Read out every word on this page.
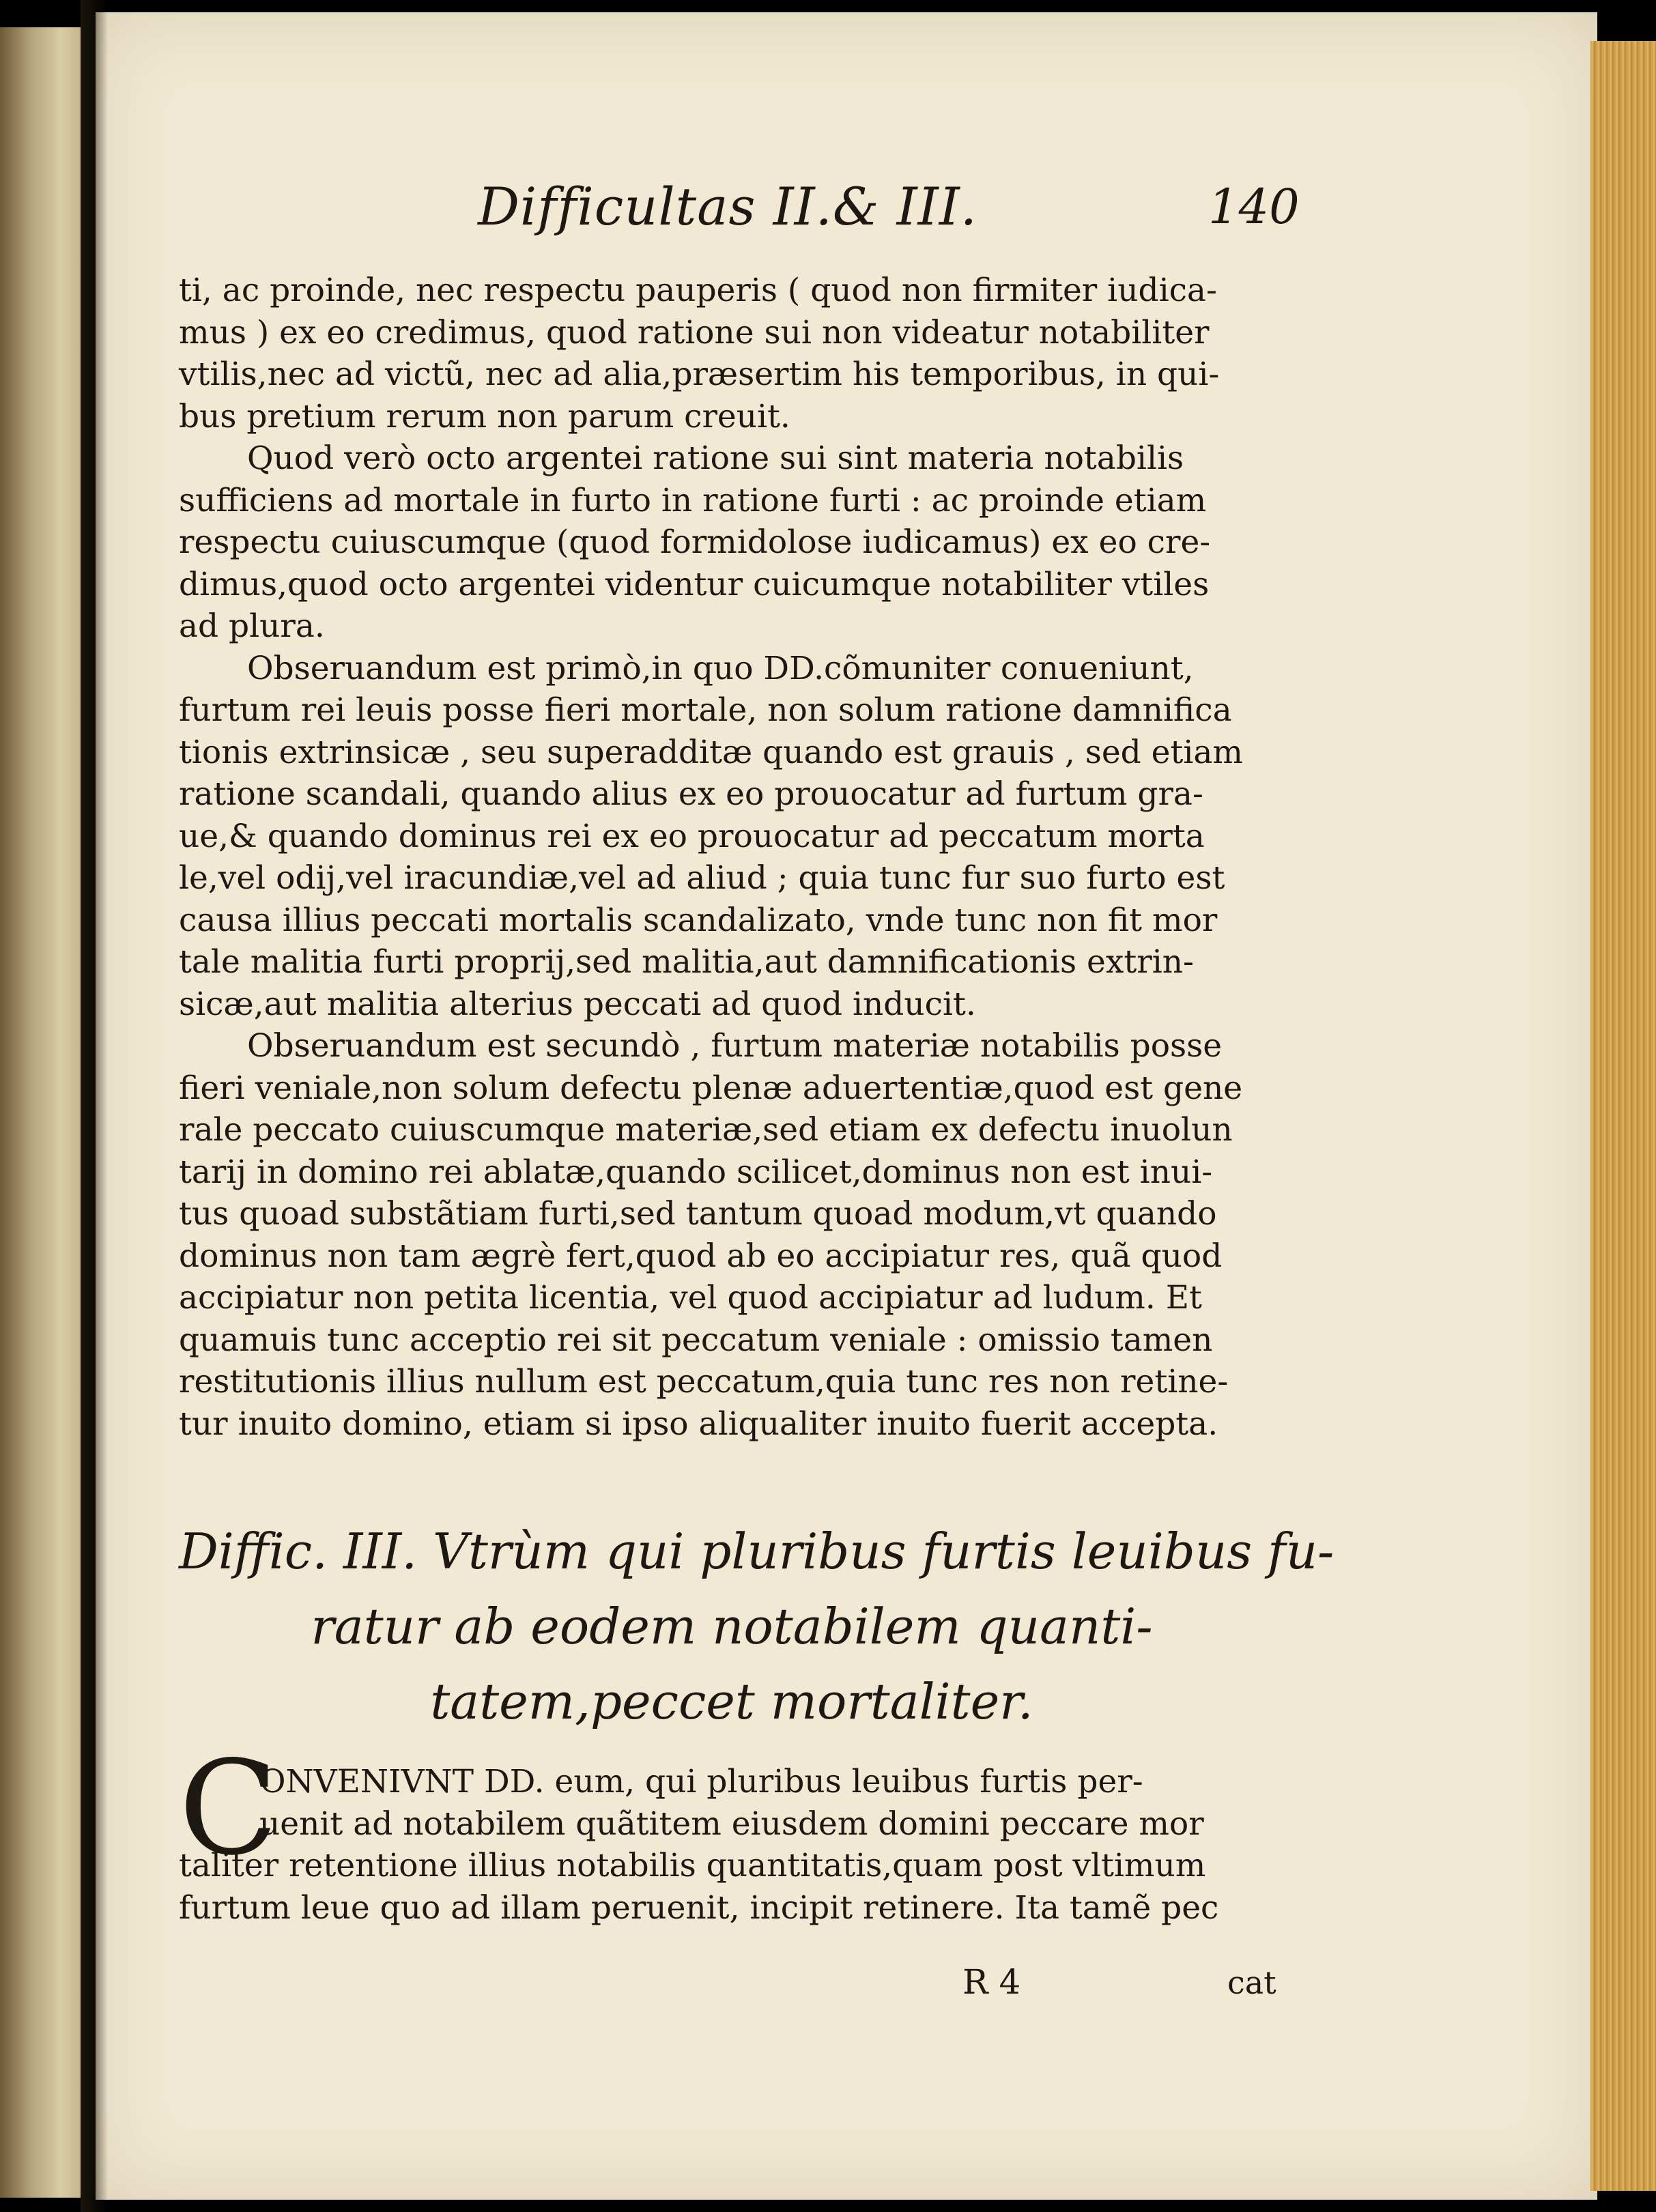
Difficultas II.& III.	140
ti, ac proinde, nec respectu pauperis ( quod non firmiter iudica-
mus ) ex eo credimus, quod ratione sui non videatur notabiliter
vtilis,nec ad victũ, nec ad alia,præsertim his temporibus, in qui-
bus pretium rerum non parum creuit.
Quod verò octo argentei ratione sui sint materia notabilis
sufficiens ad mortale in furto in ratione furti : ac proinde etiam
respectu cuiuscumque (quod formidolose iudicamus) ex eo cre-
dimus,quod octo argentei videntur cuicumque notabiliter vtiles
ad plura.
Obseruandum est primò,in quo DD.cõmuniter conueniunt,
furtum rei leuis posse fieri mortale, non solum ratione damnifica
tionis extrinsicæ , seu superadditæ quando est grauis , sed etiam
ratione scandali, quando alius ex eo prouocatur ad furtum gra-
ue,& quando dominus rei ex eo prouocatur ad peccatum morta
le,vel odij,vel iracundiæ,vel ad aliud ; quia tunc fur suo furto est
causa illius peccati mortalis scandalizato, vnde tunc non fit mor
tale malitia furti proprij,sed malitia,aut damnificationis extrin-
sicæ,aut malitia alterius peccati ad quod inducit.
Obseruandum est secundò , furtum materiæ notabilis posse
fieri veniale,non solum defectu plenæ aduertentiæ,quod est gene
rale peccato cuiuscumque materiæ,sed etiam ex defectu inuolun
tarij in domino rei ablatæ,quando scilicet,dominus non est inui-
tus quoad substãtiam furti,sed tantum quoad modum,vt quando
dominus non tam ægrè fert,quod ab eo accipiatur res, quã quod
accipiatur non petita licentia, vel quod accipiatur ad ludum. Et
quamuis tunc acceptio rei sit peccatum veniale : omissio tamen
restitutionis illius nullum est peccatum,quia tunc res non retine-
tur inuito domino, etiam si ipso aliqualiter inuito fuerit accepta.
Diffic. III. Vtrùm qui pluribus furtis leuibus fu-
ratur ab eodem notabilem quanti-
tatem,peccet mortaliter.
C
ONVENIVNT DD. eum, qui pluribus leuibus furtis per-
uenit ad notabilem quãtitem eiusdem domini peccare mor
taliter retentione illius notabilis quantitatis,quam post vltimum
furtum leue quo ad illam peruenit, incipit retinere. Ita tamẽ pec
R 4	cat
